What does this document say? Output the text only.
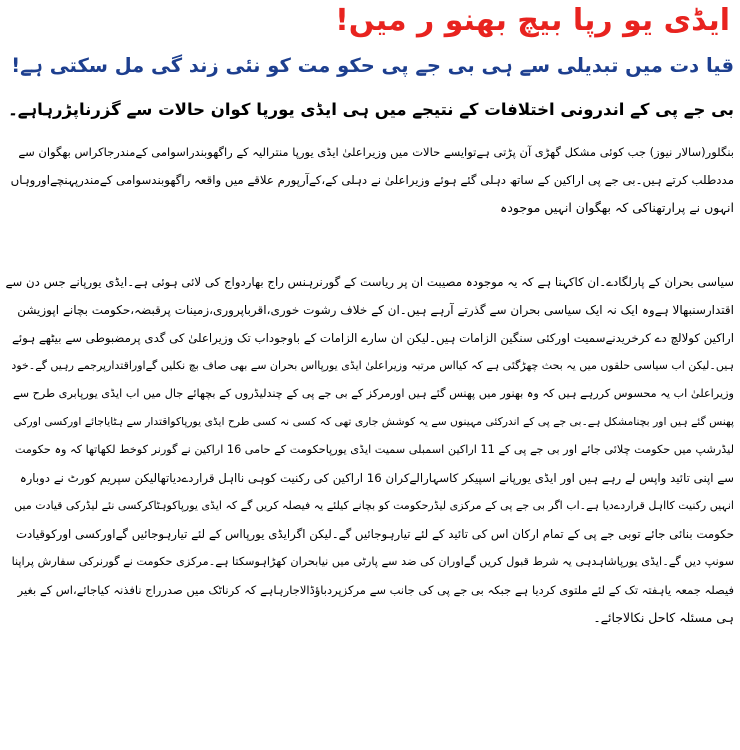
ایڈی یو رپا بیچ بھنو ر میں!
قیا دت میں تبدیلی سے ہی بی جے پی حکو مت کو نئی زند گی مل سکتی ہے!
بی جے پی کے اندرونی اختلافات کے نتیجے میں ہی ایڈی یورپا کوان حالات سے گزرناپڑرہاہے۔
بنگلور(سالار نیوز) جب کوئی مشکل گھڑی آن پڑتی ہےتوایسے حالات میں وزیراعلیٰ ایڈی یورپا منترالیہ کے راگھوبندراسوامی کےمندرجاکراس بھگوان سے
مددطلب کرتے ہیں۔بی جے پی اراکین کے ساتھ دہلی گئے ہوئے وزیراعلیٰ نے دہلی کے،کےآرپورم علاقے میں واقعہ راگھوبندسوامی کےمندرپہنچےاوروہاں
انہوں نے پرارتھناکی کہ بھگوان انہیں موجودہ
سیاسی بحران کے پارلگادے۔ان کاکہنا ہے کہ یہ موجودہ مصیبت ان پر ریاست کے گورنرہنس راج بھاردواج کی لائی ہوئی ہے۔ایڈی یورپانے جس دن سے
اقتدارسنبھالا ہےوہ ایک نہ ایک سیاسی بحران سے گذرتے آرہے ہیں۔ان کے خلاف رشوت خوری،اقرباپروری،زمینات پرقبضہ،حکومت بچانے اپوزیشن
اراکین کولالچ دے کرخریدنےسمیت اورکئی سنگین الزامات ہیں۔لیکن ان سارے الزامات کے باوجوداب تک وزیراعلیٰ کی گدی پرمضبوطی سے بیٹھے ہوئے
ہیں۔لیکن اب سیاسی حلقوں میں یہ بحث چھڑگئی ہے کہ کیااس مرتبہ وزیراعلیٰ ایڈی یورپااس بحران سے بھی صاف بچ نکلیں گےاوراقتدارپرجمے رہیں گے۔خود
وزیراعلیٰ اب یہ محسوس کررہے ہیں کہ وہ بھنور میں پھنس گئے ہیں اورمرکز کے بی جے پی کے چندلیڈروں کے بچھائے جال میں اب ایڈی یورپابری طرح سے
پھنس گئے ہیں اور بچنامشکل ہے۔بی جے پی کے اندرکئی مہینوں سے یہ کوشش جاری تھی کہ کسی نہ کسی طرح ایڈی یورپاکواقتدار سے ہٹایاجائے اورکسی اورکی
لیڈرشپ میں حکومت چلائی جائے اور بی جے پی کے 11 اراکین اسمبلی سمیت ایڈی یورپاحکومت کے حامی 16 اراکین نے گورنر کوخط لکھاتھا کہ وہ حکومت
سے اپنی تائید واپس لے رہے ہیں اور ایڈی یورپانے اسپیکر کاسہارالےکران 16 اراکین کی رکنیت کوہی نااہل قراردےدیاتھالیکن سپریم کورٹ نے دوبارہ
انہیں رکنیت کااہل قراردےدیا ہے۔اب اگر بی جے پی کے مرکزی لیڈرحکومت کو بچانے کیلئے یہ فیصلہ کریں گے کہ ایڈی یورپاکوہٹاکرکسی نئے لیڈرکی قیادت میں
حکومت بنائی جائے توبی جے پی کے تمام ارکان اس کی تائید کے لئے تیارہوجائیں گے۔لیکن اگرایڈی یورپااس کے لئے تیارہوجائیں گےاورکسی اورکوقیادت
سونپ دیں گے۔ایڈی یورپاشاہدہی یہ شرط قبول کریں گےاوران کی ضد سے پارٹی میں نیابحران کھڑاہوسکتا ہے۔مرکزی حکومت نے گورنرکی سفارش پراپنا
فیصلہ جمعہ یاہفتہ تک کے لئے ملتوی کردیا ہے جبکہ بی جے پی کی جانب سے مرکزپردباؤڈالاجارہاہے کہ کرناٹک میں صدرراج نافذنہ کیاجائے،اس کے بغیر
ہی مسئلہ کاحل نکالاجائے۔
